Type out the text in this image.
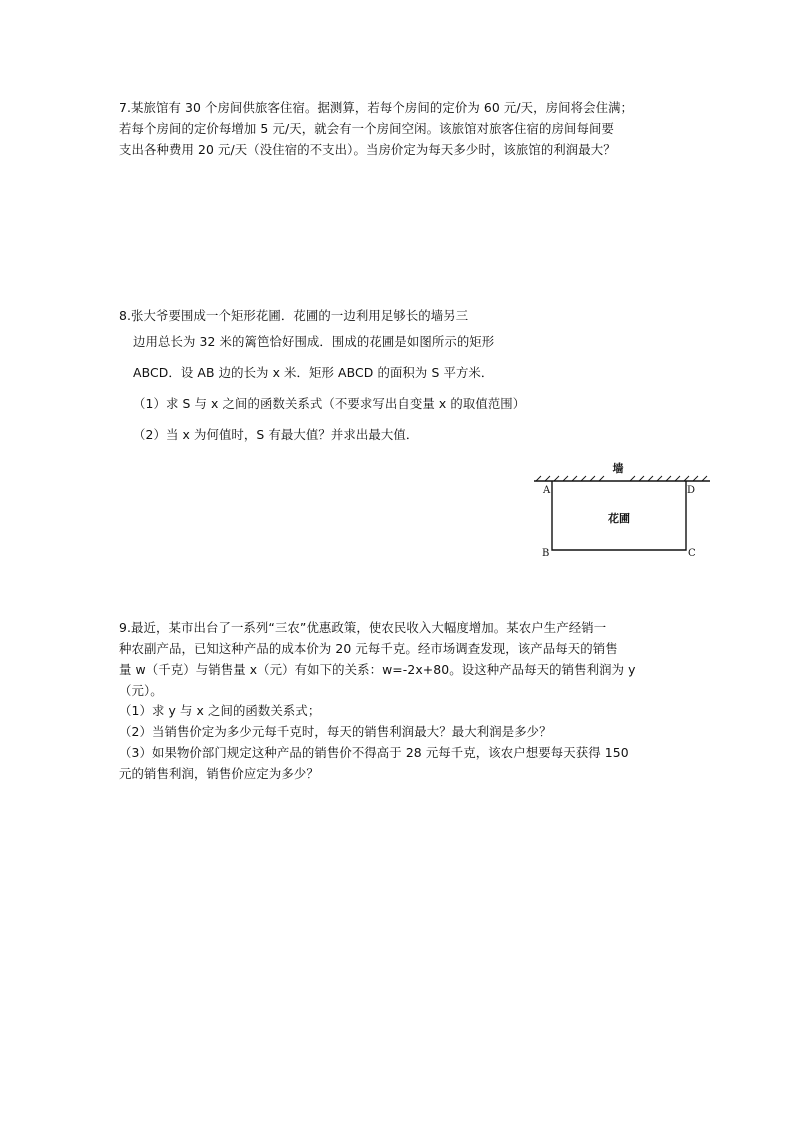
7.某旅馆有 30 个房间供旅客住宿。据测算，若每个房间的定价为 60 元/天，房间将会住满；
若每个房间的定价每增加 5 元/天，就会有一个房间空闲。该旅馆对旅客住宿的房间每间要
支出各种费用 20 元/天（没住宿的不支出）。当房价定为每天多少时，该旅馆的利润最大？
8.张大爷要围成一个矩形花圃．花圃的一边利用足够长的墙另三
边用总长为 32 米的篱笆恰好围成．围成的花圃是如图所示的矩形
ABCD．设 AB 边的长为 x 米．矩形 ABCD 的面积为 S 平方米．
（1）求 S 与 x 之间的函数关系式（不要求写出自变量 x 的取值范围）
（2）当 x 为何值时，S 有最大值？并求出最大值．
墙
A
B	C
D
花圃
9.最近，某市出台了一系列“三农”优惠政策，使农民收入大幅度增加。某农户生产经销一
种农副产品，已知这种产品的成本价为 20 元每千克。经市场调查发现，该产品每天的销售
量 w（千克）与销售量 x（元）有如下的关系：w=-2x+80。设这种产品每天的销售利润为 y
（元）。
（1）求 y 与 x 之间的函数关系式；
（2）当销售价定为多少元每千克时，每天的销售利润最大？最大利润是多少？
（3）如果物价部门规定这种产品的销售价不得高于 28 元每千克，该农户想要每天获得 150
元的销售利润，销售价应定为多少？
